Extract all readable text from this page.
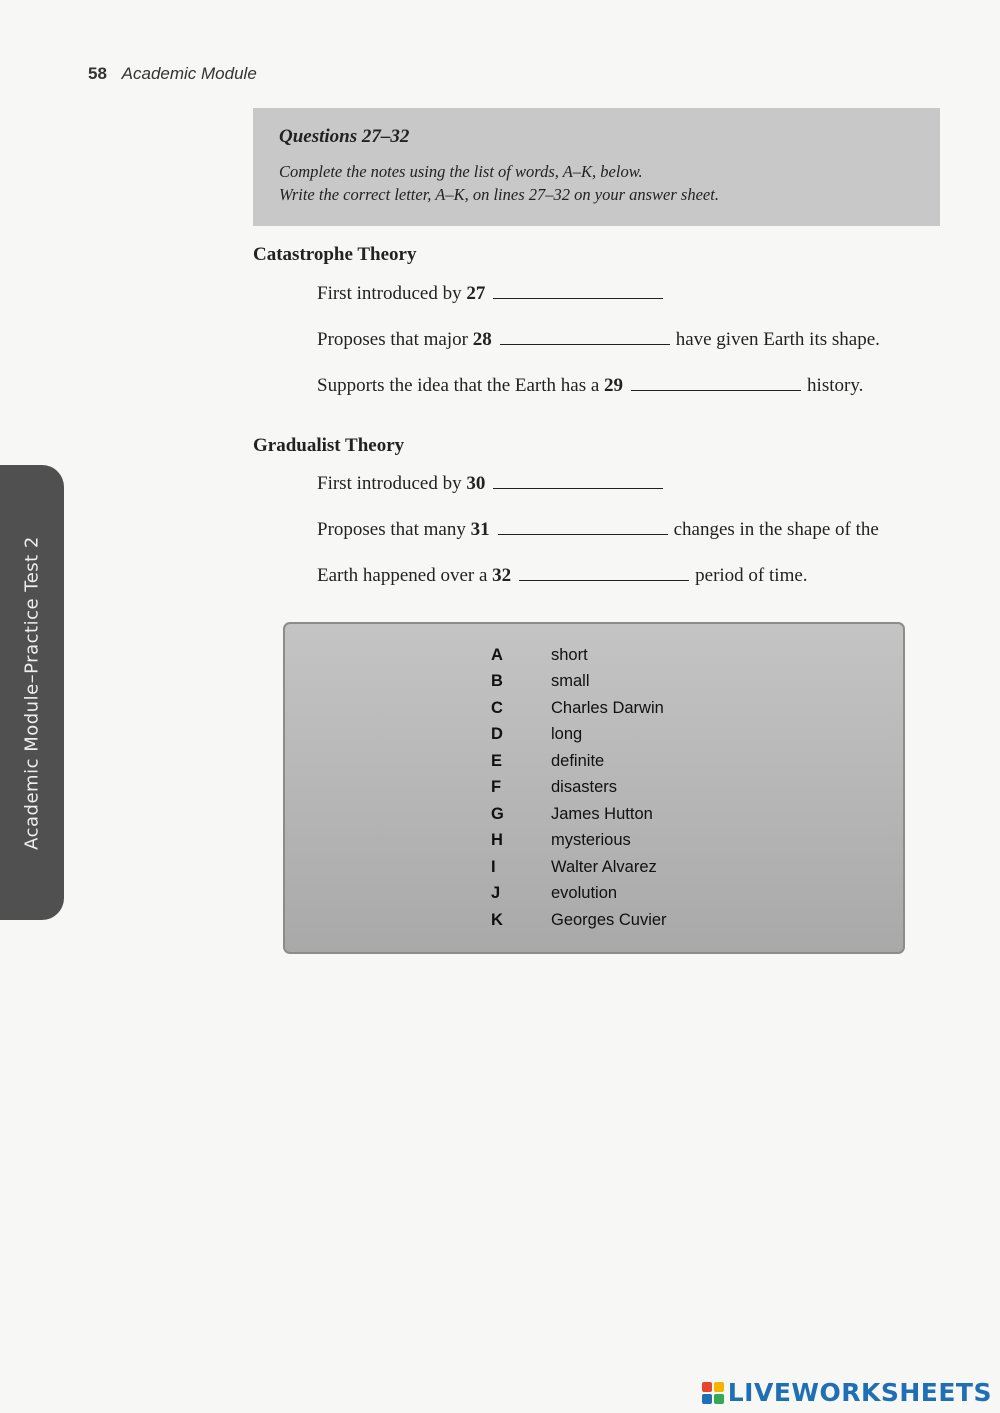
58 Academic Module
Questions 27–32
Complete the notes using the list of words, A–K, below.
Write the correct letter, A–K, on lines 27–32 on your answer sheet.
Catastrophe Theory
First introduced by 27
Proposes that major 28	have given Earth its shape.
Supports the idea that the Earth has a 29	history.
Gradualist Theory
First introduced by 30
Proposes that many 31	changes in the shape of the
Earth happened over a 32	period of time.
Academic Module–Practice Test 2	A	short
B	small
C	Charles Darwin
D	long
E	definite
F	disasters
G	James Hutton
H	mysterious
I	Walter Alvarez
J	evolution
K	Georges Cuvier
LIVEWORKSHEETS
